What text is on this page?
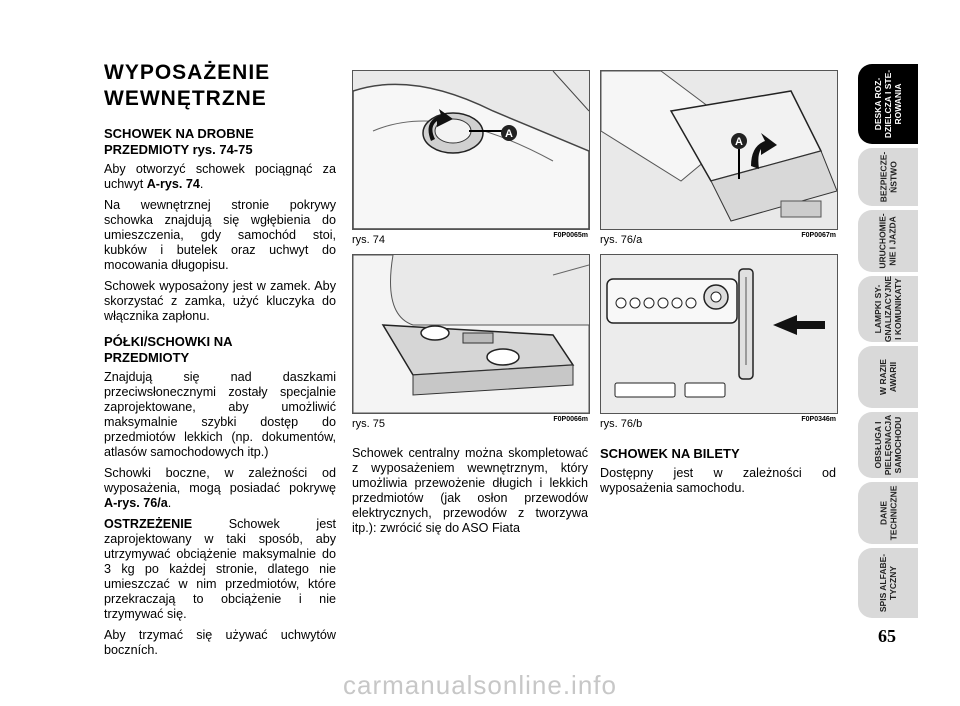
WYPOSAŻENIE
WEWNĘTRZNE
SCHOWEK NA DROBNE
PRZEDMIOTY rys. 74-75

Aby otworzyć schowek pociągnąć za uchwyt A-rys. 74.

Na wewnętrznej stronie pokrywy schowka znajdują się wgłębienia do umieszczenia, gdy samochód stoi, kubków i butelek oraz uchwyt do mocowania długopisu.

Schowek wyposażony jest w zamek. Aby skorzystać z zamka, użyć kluczyka do włącznika zapłonu.

PÓŁKI/SCHOWKI NA
PRZEDMIOTY

Znajdują się nad daszkami przeciwsłonecznymi zostały specjalnie zaprojektowane, aby umożliwić maksymalnie szybki dostęp do przedmiotów lekkich (np. dokumentów, atlasów samochodowych itp.)

Schowki boczne, w zależności od wyposażenia, mogą posiadać pokrywę A-rys. 76/a.

OSTRZEŻENIE Schowek jest zaprojektowany w taki sposób, aby utrzymywać obciążenie maksymalnie do 3 kg po każdej stronie, dlatego nie umieszczać w nim przedmiotów, które przekraczają to obciążenie i nie trzymywać się.

Aby trzymać się używać uchwytów boczních.

A
rys. 74	F0P0065m
rys. 75	F0P0066m

Schowek centralny można skompletować z wyposażeniem wewnętrznym, który umożliwia przewożenie długich i lekkich przedmiotów (jak osłon przewodów elektrycznych, przewodów z tworzywa itp.): zwrócić się do ASO Fiata

A
rys. 76/a	F0P0067m
rys. 76/b	F0P0346m
SCHOWEK NA BILETY

Dostępny jest w zależności od wyposażenia samochodu.

DESKA ROZ-
DZIELCZA I STE-
ROWANIA
BEZPIECZE-
ŃSTWO
URUCHOMIE-
NIE I JAZDA
LAMPKI SY-
GNALIZACYJNE
I KOMUNIKATY
W RAZIE
AWARII
OBSŁUGA I
PIELĘGNACJA
SAMOCHODU
DANE
TECHNICZNE
SPIS ALFABE-
TYCZNY
65
carmanualsonline.info
